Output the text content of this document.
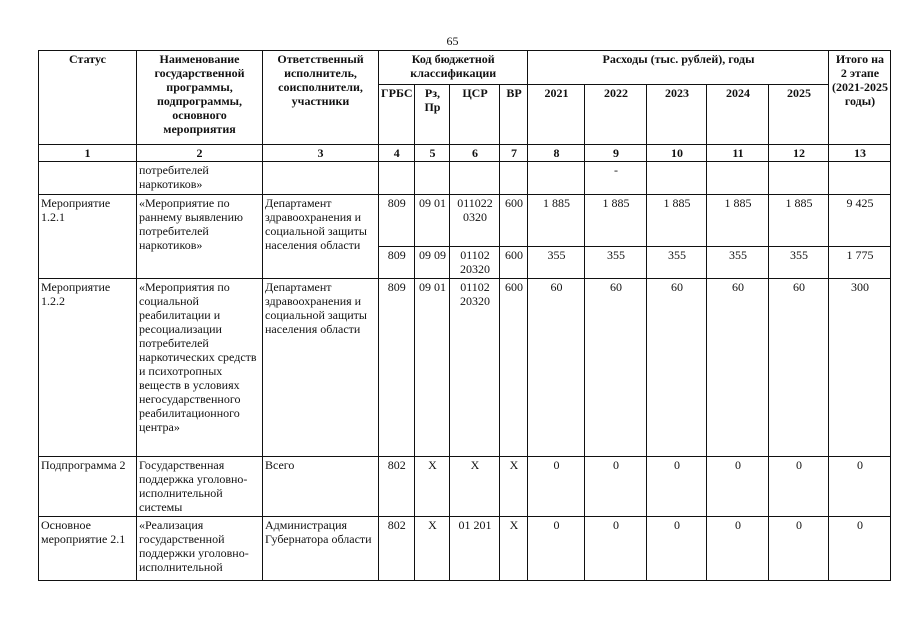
65
Статус	Наименование государственной программы, подпрограммы, основного мероприятия	Ответственный исполнитель, соисполнители, участники	Код бюджетной классификации				Расходы (тыс. рублей), годы					Итого на 2 этапе (2021-2025 годы)
			ГРБС	Рз, Пр	ЦСР	ВР	2021	2022	2023	2024	2025	
1	2	3	4	5	6	7	8	9	10	11	12	13
	потребителей наркотиков»							-				
Мероприятие 1.2.1	«Мероприятие по раннему выявлению потребителей наркотиков»	Департамент здравоохранения и социальной защиты населения области	809	09 01	011022 0320	600	1 885	1 885	1 885	1 885	1 885	9 425
			809	09 09	01102 20320	600	355	355	355	355	355	1 775
Мероприятие 1.2.2	«Мероприятия по социальной реабилитации и ресоциализации потребителей наркотических средств и психотропных веществ в условиях негосударственного реабилитационного центра»	Департамент здравоохранения и социальной защиты населения области	809	09 01	01102 20320	600	60	60	60	60	60	300
Подпрограмма 2	Государственная поддержка уголовно-исполнительной системы	Всего	802	Х	Х	Х	0	0	0	0	0	0
Основное мероприятие 2.1	«Реализация государственной поддержки уголовно-исполнительной	Администрация Губернатора области	802	Х	01 201	Х	0	0	0	0	0	0
